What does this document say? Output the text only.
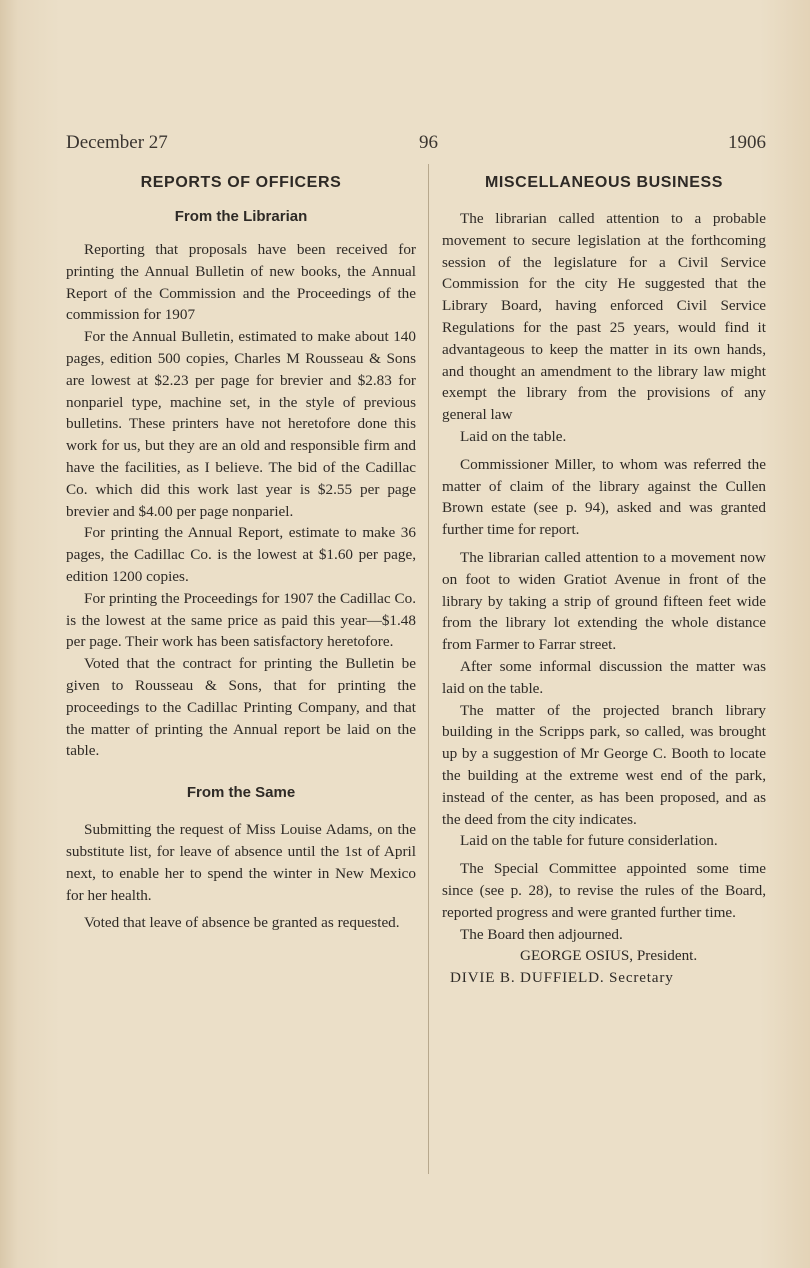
December 27	96	1906
REPORTS OF OFFICERS
From the Librarian

Reporting that proposals have been received for printing the Annual Bulletin of new books, the Annual Report of the Commission and the Proceedings of the commission for 1907

For the Annual Bulletin, estimated to make about 140 pages, edition 500 copies, Charles M Rousseau & Sons are lowest at $2.23 per page for brevier and $2.83 for nonpariel type, machine set, in the style of previous bulletins. These printers have not heretofore done this work for us, but they are an old and responsible firm and have the facilities, as I believe. The bid of the Cadillac Co. which did this work last year is $2.55 per page brevier and $4.00 per page nonpariel.

For printing the Annual Report, estimate to make 36 pages, the Cadillac Co. is the lowest at $1.60 per page, edition 1200 copies.

For printing the Proceedings for 1907 the Cadillac Co. is the lowest at the same price as paid this year—$1.48 per page. Their work has been satisfactory heretofore.

Voted that the contract for printing the Bulletin be given to Rousseau & Sons, that for printing the proceedings to the Cadillac Printing Company, and that the matter of printing the Annual report be laid on the table.

From the Same

Submitting the request of Miss Louise Adams, on the substitute list, for leave of absence until the 1st of April next, to enable her to spend the winter in New Mexico for her health.

Voted that leave of absence be granted as requested.

MISCELLANEOUS BUSINESS

The librarian called attention to a probable movement to secure legislation at the forthcoming session of the legislature for a Civil Service Commission for the city He suggested that the Library Board, having enforced Civil Service Regulations for the past 25 years, would find it advantageous to keep the matter in its own hands, and thought an amendment to the library law might exempt the library from the provisions of any general law

Laid on the table.

Commissioner Miller, to whom was referred the matter of claim of the library against the Cullen Brown estate (see p. 94), asked and was granted further time for report.

The librarian called attention to a movement now on foot to widen Gratiot Avenue in front of the library by taking a strip of ground fifteen feet wide from the library lot extending the whole distance from Farmer to Farrar street.

After some informal discussion the matter was laid on the table.

The matter of the projected branch library building in the Scripps park, so called, was brought up by a suggestion of Mr George C. Booth to locate the building at the extreme west end of the park, instead of the center, as has been proposed, and as the deed from the city indicates.

Laid on the table for future considerlation.

The Special Committee appointed some time since (see p. 28), to revise the rules of the Board, reported progress and were granted further time.

The Board then adjourned.

GEORGE OSIUS, President.
DIVIE B. DUFFIELD. Secretary
